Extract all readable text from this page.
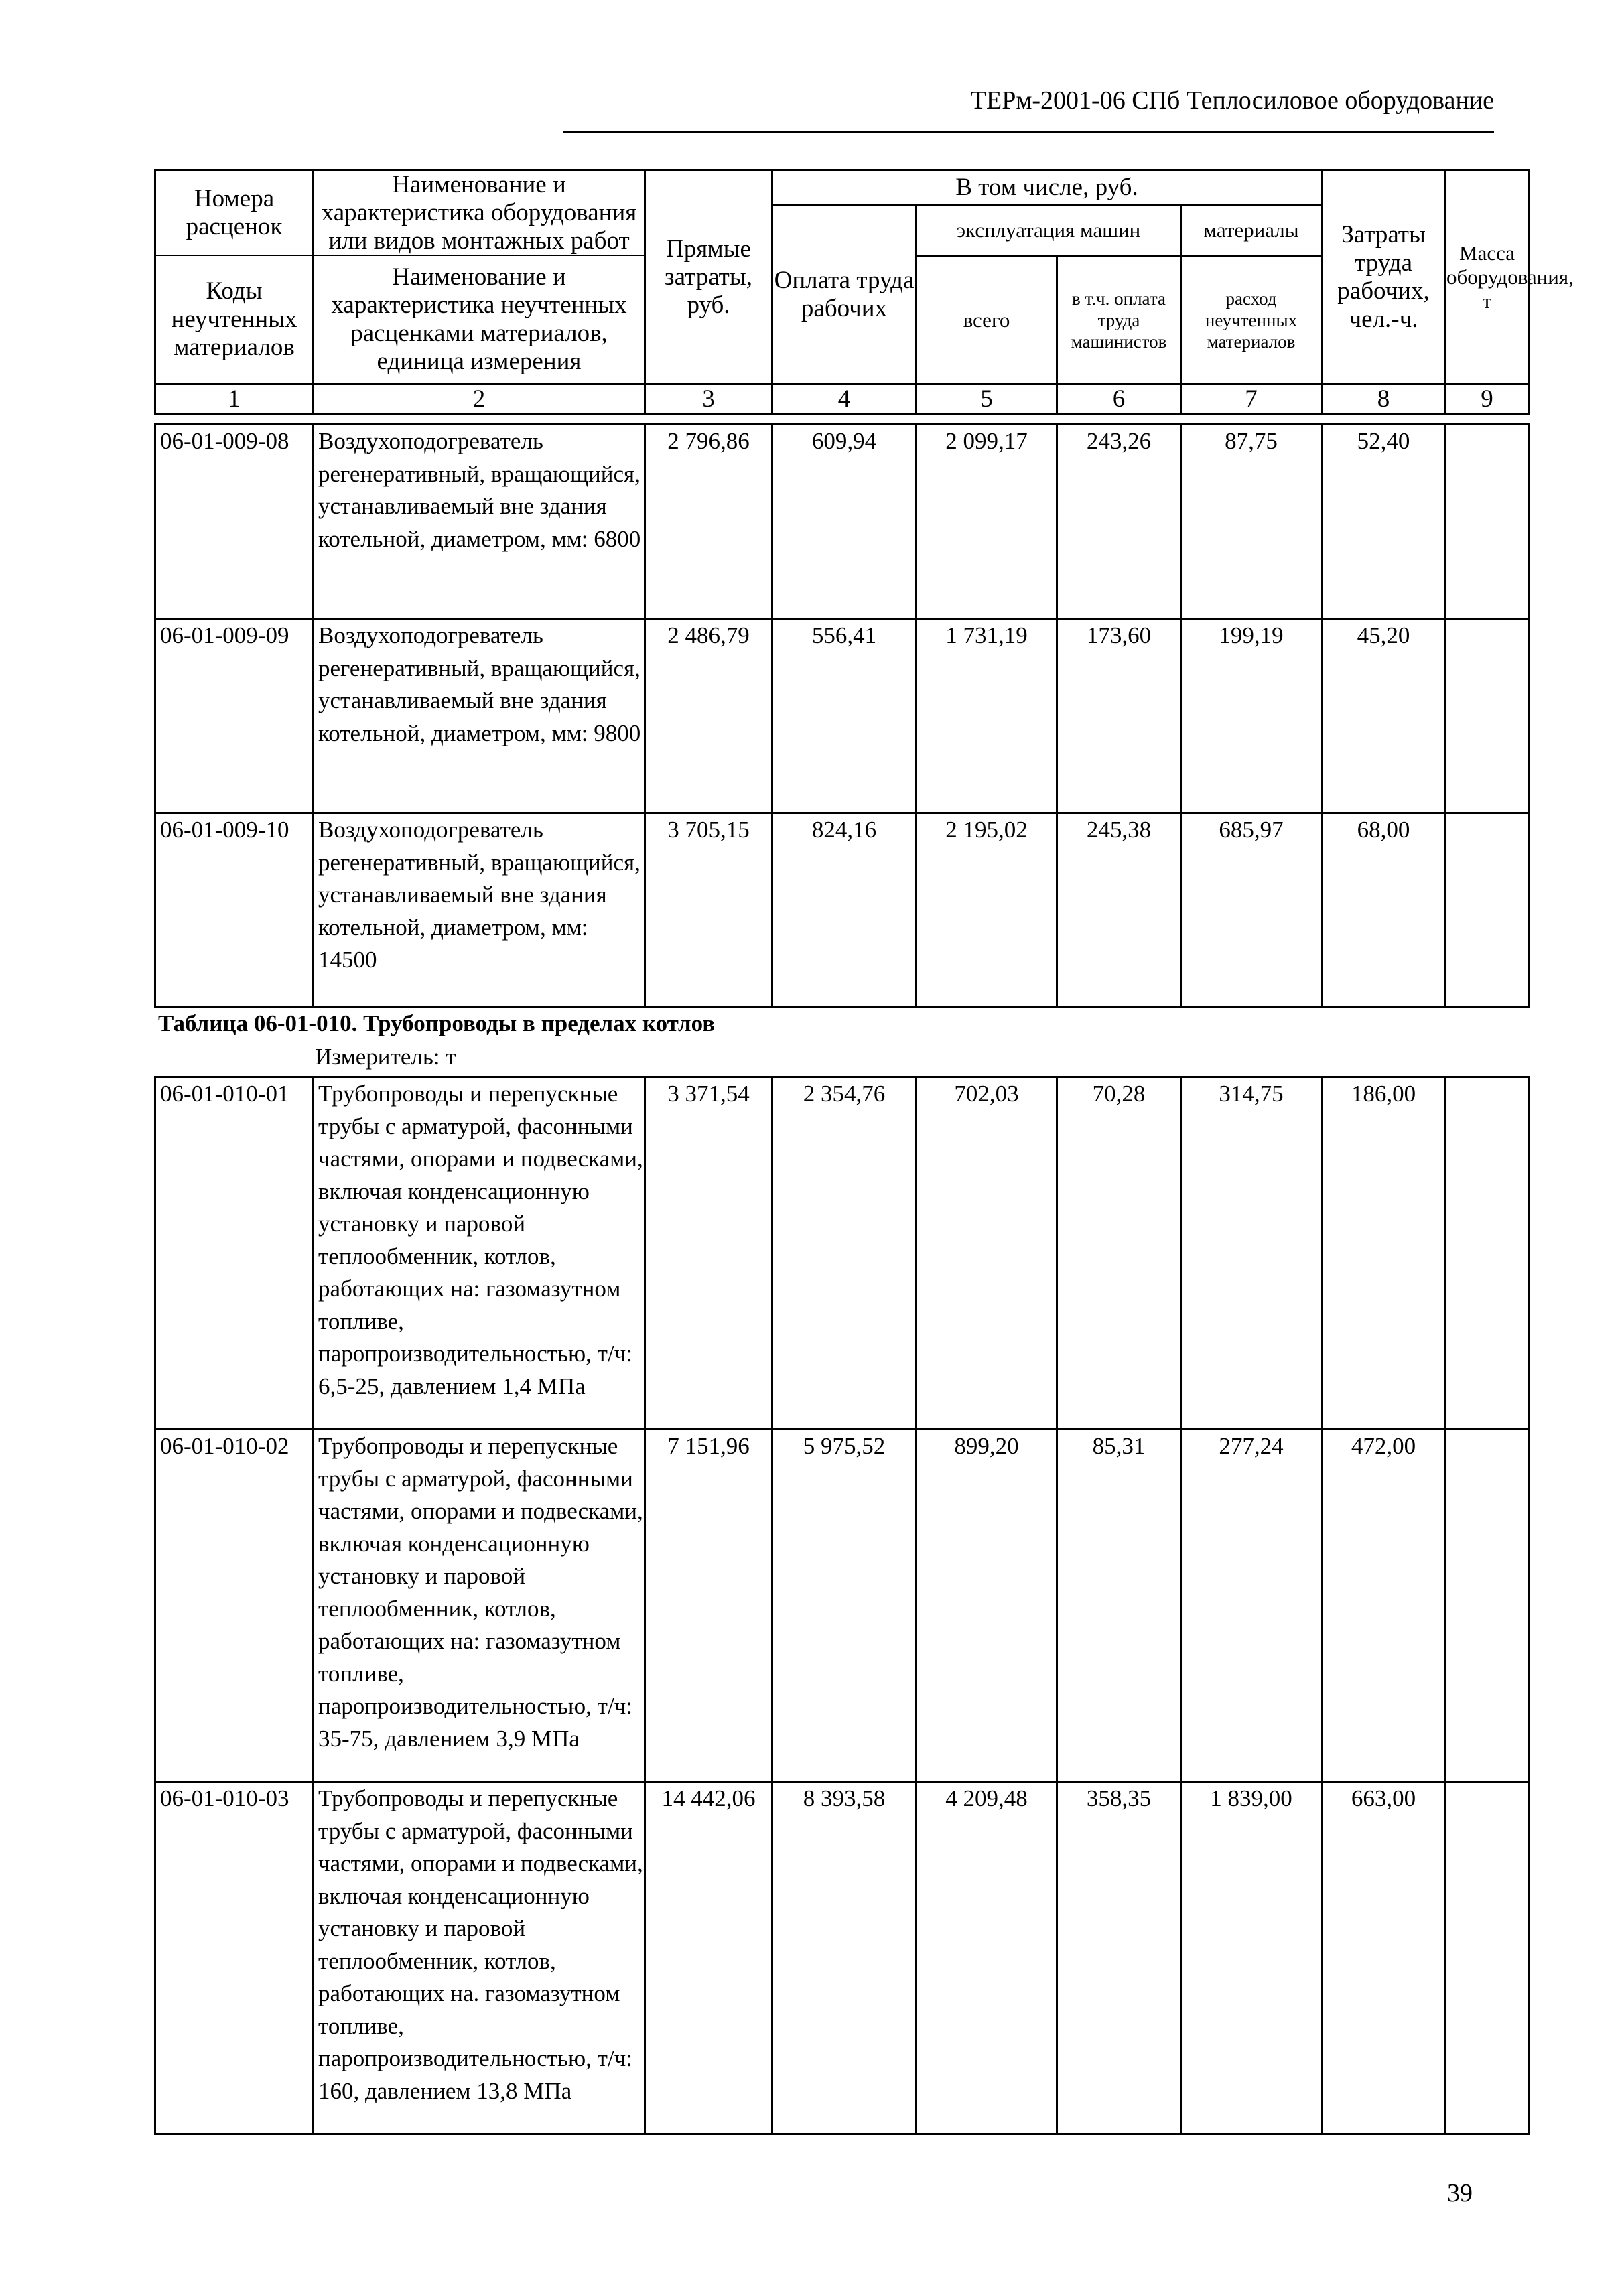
ТЕРм-2001-06 СПб Теплосиловое оборудование
Номера расценок	Наименование и характеристика оборудования или видов монтажных работ	Прямые затраты, руб.	В том числе, руб.				Затраты труда рабочих, чел.-ч.	Масса оборудования, т
			Оплата труда рабочих	эксплуатация машин		материалы		
Коды неучтенных материалов	Наименование и характеристика неучтенных расценками материалов, единица измерения			всего	в т.ч. оплата труда машинистов	расход неучтенных материалов		

1	2	3	4	5	6	7	8	9
06-01-009-08	Воздухоподогреватель регенеративный, вращающийся, устанавливаемый вне здания котельной, диаметром, мм: 6800	2 796,86	609,94	2 099,17	243,26	87,75	52,40	
06-01-009-09	Воздухоподогреватель регенеративный, вращающийся, устанавливаемый вне здания котельной, диаметром, мм: 9800	2 486,79	556,41	1 731,19	173,60	199,19	45,20	
06-01-009-10	Воздухоподогреватель регенеративный, вращающийся, устанавливаемый вне здания котельной, диаметром, мм: 14500	3 705,15	824,16	2 195,02	245,38	685,97	68,00	
Таблица 06-01-010. Трубопроводы в пределах котлов
Измеритель: т
06-01-010-01	Трубопроводы и перепускные трубы с арматурой, фасонными частями, опорами и подвесками, включая конденсационную установку и паровой теплообменник, котлов, работающих на: газомазутном топливе, паропроизводительностью, т/ч: 6,5-25, давлением 1,4 МПа	3 371,54	2 354,76	702,03	70,28	314,75	186,00	
06-01-010-02	Трубопроводы и перепускные трубы с арматурой, фасонными частями, опорами и подвесками, включая конденсационную установку и паровой теплообменник, котлов, работающих на: газомазутном топливе, паропроизводительностью, т/ч: 35-75, давлением 3,9 МПа	7 151,96	5 975,52	899,20	85,31	277,24	472,00	
06-01-010-03	Трубопроводы и перепускные трубы с арматурой, фасонными частями, опорами и подвесками, включая конденсационную установку и паровой теплообменник, котлов, работающих на. газомазутном топливе, паропроизводительностью, т/ч: 160, давлением 13,8 МПа	14 442,06	8 393,58	4 209,48	358,35	1 839,00	663,00	
39
